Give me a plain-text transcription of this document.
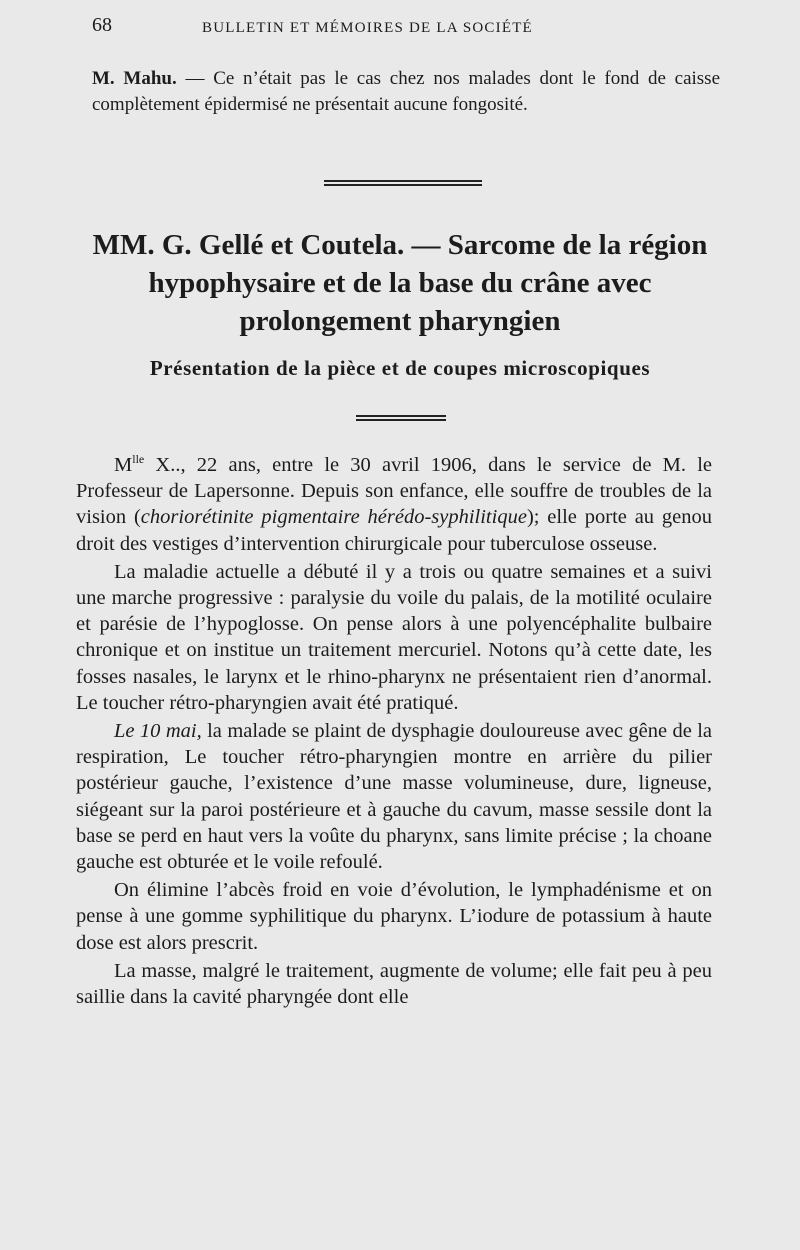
68	BULLETIN ET MÉMOIRES DE LA SOCIÉTÉ
M. Mahu. — Ce n’était pas le cas chez nos malades dont le fond de caisse complètement épidermisé ne présentait aucune fongosité.
MM. G. Gellé et Coutela. — Sarcome de la région hypophysaire et de la base du crâne avec prolongement pharyngien
Présentation de la pièce et de coupes microscopiques

$M^{lle}$ X.., 22 ans, entre le 30 avril 1906, dans le service de M. le Professeur de Lapersonne. Depuis son enfance, elle souffre de troubles de la vision (choriorétinite pigmentaire hérédo-syphilitique); elle porte au genou droit des vestiges d’intervention chirurgicale pour tuberculose osseuse.

La maladie actuelle a débuté il y a trois ou quatre semaines et a suivi une marche progressive : paralysie du voile du palais, de la motilité oculaire et parésie de l’hypoglosse. On pense alors à une polyencéphalite bulbaire chronique et on institue un traitement mercuriel. Notons qu’à cette date, les fosses nasales, le larynx et le rhino-pharynx ne présentaient rien d’anormal. Le toucher rétro-pharyngien avait été pratiqué.

Le 10 mai, la malade se plaint de dysphagie douloureuse avec gêne de la respiration, Le toucher rétro-pharyngien montre en arrière du pilier postérieur gauche, l’existence d’une masse volumineuse, dure, ligneuse, siégeant sur la paroi postérieure et à gauche du cavum, masse sessile dont la base se perd en haut vers la voûte du pharynx, sans limite précise ; la choane gauche est obturée et le voile refoulé.

On élimine l’abcès froid en voie d’évolution, le lymphadénisme et on pense à une gomme syphilitique du pharynx. L’iodure de potassium à haute dose est alors prescrit.

La masse, malgré le traitement, augmente de volume; elle fait peu à peu saillie dans la cavité pharyngée dont elle
